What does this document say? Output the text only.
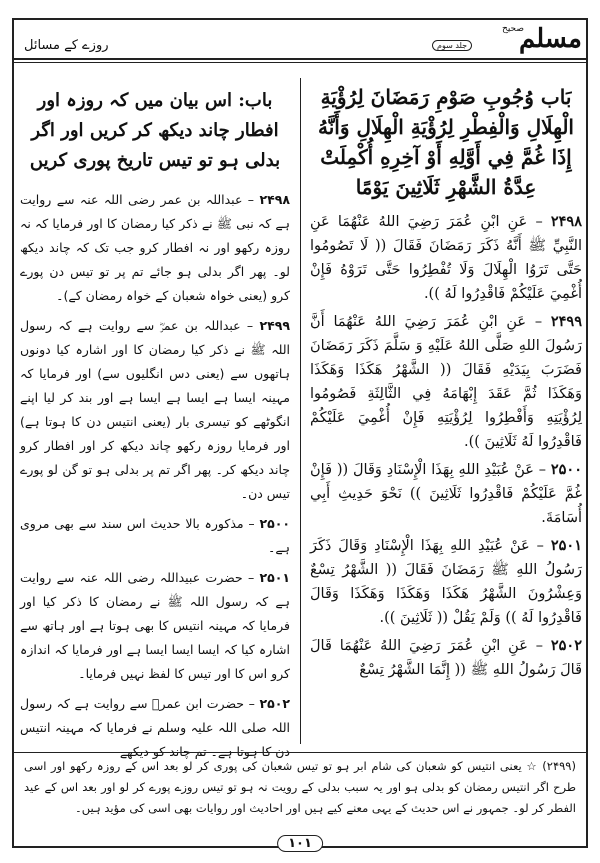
روزے کے مسائل
صحیح
مسلم
جلد سوم
بَاب وُجُوبِ صَوْمِ رَمَضَانَ لِرُؤْيَةِ الْهِلَالِ وَالْفِطْرِ لِرُؤْيَةِ الْهِلَالِ وَأَنَّهُ إِذَا غُمَّ فِي أَوَّلِهِ أَوْ آخِرِهِ أُكْمِلَتْ عِدَّةُ الشَّهْرِ ثَلَاثِينَ يَوْمًا

۲۴۹۸ – عَنِ ابْنِ عُمَرَ رَضِيَ اللهُ عَنْهُمَا عَنِ النَّبِيِّ ﷺ أَنَّهُ ذَكَرَ رَمَضَانَ فَقَالَ (( لَا تَصُومُوا حَتَّى تَرَوُا الْهِلَالَ وَلَا تُفْطِرُوا حَتَّى تَرَوْهُ فَإِنْ أُغْمِيَ عَلَيْكُمْ فَاقْدِرُوا لَهُ )).

۲۴۹۹ – عَنِ ابْنِ عُمَرَ رَضِيَ اللهُ عَنْهُمَا أَنَّ رَسُولَ اللهِ صَلَّى اللهُ عَلَيْهِ وَ سَلَّمَ ذَكَرَ رَمَضَانَ فَضَرَبَ بِيَدَيْهِ فَقَالَ (( الشَّهْرُ هَكَذَا وَهَكَذَا وَهَكَذَا ثُمَّ عَقَدَ إِبْهَامَهُ فِي الثَّالِثَةِ فَصُومُوا لِرُؤْيَتِهِ وَأَفْطِرُوا لِرُؤْيَتِهِ فَإِنْ أُغْمِيَ عَلَيْكُمْ فَاقْدِرُوا لَهُ ثَلَاثِينَ )).

۲۵۰۰ – عَنْ عُبَيْدِ اللهِ بِهَذَا الْإِسْنَادِ وَقَالَ (( فَإِنْ غُمَّ عَلَيْكُمْ فَاقْدِرُوا ثَلَاثِينَ )) نَحْوَ حَدِيثِ أَبِي أُسَامَةَ.

۲۵۰۱ – عَنْ عُبَيْدِ اللهِ بِهَذَا الْإِسْنَادِ وَقَالَ ذَكَرَ رَسُولُ اللهِ ﷺ رَمَضَانَ فَقَالَ (( الشَّهْرُ تِسْعٌ وَعِشْرُونَ الشَّهْرُ هَكَذَا وَهَكَذَا وَهَكَذَا وَقَالَ فَاقْدِرُوا لَهُ )) وَلَمْ يَقُلْ (( ثَلَاثِينَ )).

۲۵۰۲ – عَنِ ابْنِ عُمَرَ رَضِيَ اللهُ عَنْهُمَا قَالَ قَالَ رَسُولُ اللهِ ﷺ (( إِنَّمَا الشَّهْرُ تِسْعٌ

باب: اس بیان میں کہ روزہ اور افطار چاند دیکھ کر کریں اور اگر بدلی ہو تو تیس تاریخ پوری کریں

۲۴۹۸ – عبداللہ بن عمر رضی اللہ عنہ سے روایت ہے کہ نبی ﷺ نے ذکر کیا رمضان کا اور فرمایا کہ نہ روزہ رکھو اور نہ افطار کرو جب تک کہ چاند دیکھ لو۔ پھر اگر بدلی ہو جائے تم پر تو تیس دن پورے کرو (یعنی خواہ شعبان کے خواہ رمضان کے)۔

۲۴۹۹ – عبداللہ بن عمرؓ سے روایت ہے کہ رسول اللہ ﷺ نے ذکر کیا رمضان کا اور اشارہ کیا دونوں ہاتھوں سے (یعنی دس انگلیوں سے) اور فرمایا کہ مہینہ ایسا ہے ایسا ہے ایسا ہے اور بند کر لیا اپنے انگوٹھے کو تیسری بار (یعنی انتیس دن کا ہوتا ہے) اور فرمایا روزہ رکھو چاند دیکھ کر اور افطار کرو چاند دیکھ کر۔ پھر اگر تم پر بدلی ہو تو گن لو پورے تیس دن۔

۲۵۰۰ – مذکورہ بالا حدیث اس سند سے بھی مروی ہے۔

۲۵۰۱ – حضرت عبیداللہ رضی اللہ عنہ سے روایت ہے کہ رسول اللہ ﷺ نے رمضان کا ذکر کیا اور فرمایا کہ مہینہ انتیس کا بھی ہوتا ہے اور ہاتھ سے اشارہ کیا کہ ایسا ایسا ایسا ہے اور فرمایا کہ اندازہ کرو اس کا اور تیس کا لفظ نہیں فرمایا۔

۲۵۰۲ – حضرت ابن عمرؓ سے روایت ہے کہ رسول اللہ صلی اللہ علیہ وسلم نے فرمایا کہ مہینہ انتیس دن کا ہوتا ہے۔ تم چاند کو دیکھے

(۲۴۹۹) ☆ یعنی انتیس کو شعبان کی شام ابر ہو تو تیس شعبان کی پوری کر لو بعد اس کے روزہ رکھو اور اسی طرح اگر انتیس رمضان کو بدلی ہو اور یہ سبب بدلی کے رویت نہ ہو تو تیس روزے پورے کر لو اور بعد اس کے عید الفطر کر لو۔ جمہور نے اس حدیث کے یہی معنے کیے ہیں اور احادیث اور روایات بھی اسی کی مؤید ہیں۔
۱۰۱
